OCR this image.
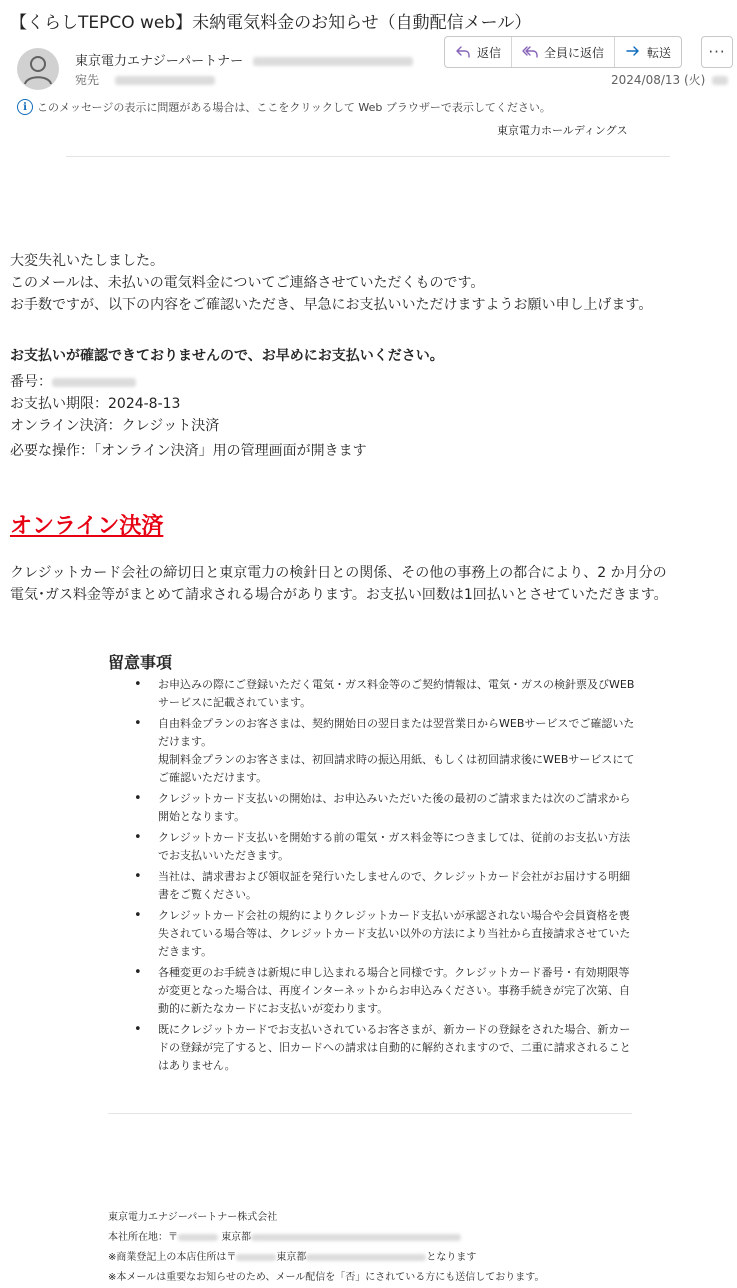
【くらしTEPCO web】未納電気料金のお知らせ（自動配信メール）
東京電力エナジーパートナー
宛先
返信	全員に返信	転送	···
2024/08/13 (火)
i このメッセージの表示に問題がある場合は、ここをクリックして Web ブラウザーで表示してください。
東京電力ホールディングス
大変失礼いたしました。
このメールは、未払いの電気料金についてご連絡させていただくものです。
お手数ですが、以下の内容をご確認いただき、早急にお支払いいただけますようお願い申し上げます。
お支払いが確認できておりませんので、お早めにお支払いください。
番号：
お支払い期限：2024-8-13
オンライン決済：クレジット決済
必要な操作：「オンライン決済」用の管理画面が開きます
オンライン決済
クレジットカード会社の締切日と東京電力の検針日との関係、その他の事務上の都合により、2 か月分の
電気･ガス料金等がまとめて請求される場合があります。お支払い回数は1回払いとさせていただきます。
留意事項
• お申込みの際にご登録いただく電気・ガス料金等のご契約情報は、電気・ガスの検針票及びWEBサービスに記載されています。
• 自由料金プランのお客さまは、契約開始日の翌日または翌営業日からWEBサービスでご確認いただけます。
規制料金プランのお客さまは、初回請求時の振込用紙、もしくは初回請求後にWEBサービスにてご確認いただけます。
• クレジットカード支払いの開始は、お申込みいただいた後の最初のご請求または次のご請求から開始となります。
• クレジットカード支払いを開始する前の電気・ガス料金等につきましては、従前のお支払い方法でお支払いいただきます。
• 当社は、請求書および領収証を発行いたしませんので、クレジットカード会社がお届けする明細書をご覧ください。
• クレジットカード会社の規約によりクレジットカード支払いが承認されない場合や会員資格を喪失されている場合等は、クレジットカード支払い以外の方法により当社から直接請求させていただきます。
• 各種変更のお手続きは新規に申し込まれる場合と同様です。クレジットカード番号・有効期限等が変更となった場合は、再度インターネットからお申込みください。事務手続きが完了次第、自動的に新たなカードにお支払いが変わります。
• 既にクレジットカードでお支払いされているお客さまが、新カードの登録をされた場合、新カードの登録が完了すると、旧カードへの請求は自動的に解約されますので、二重に請求されることはありません。
東京電力エナジーパートナー株式会社
本社所在地：〒	東京都
※商業登記上の本店住所は〒	東京都	となります
※本メールは重要なお知らせのため、メール配信を「否」にされている方にも送信しております。
